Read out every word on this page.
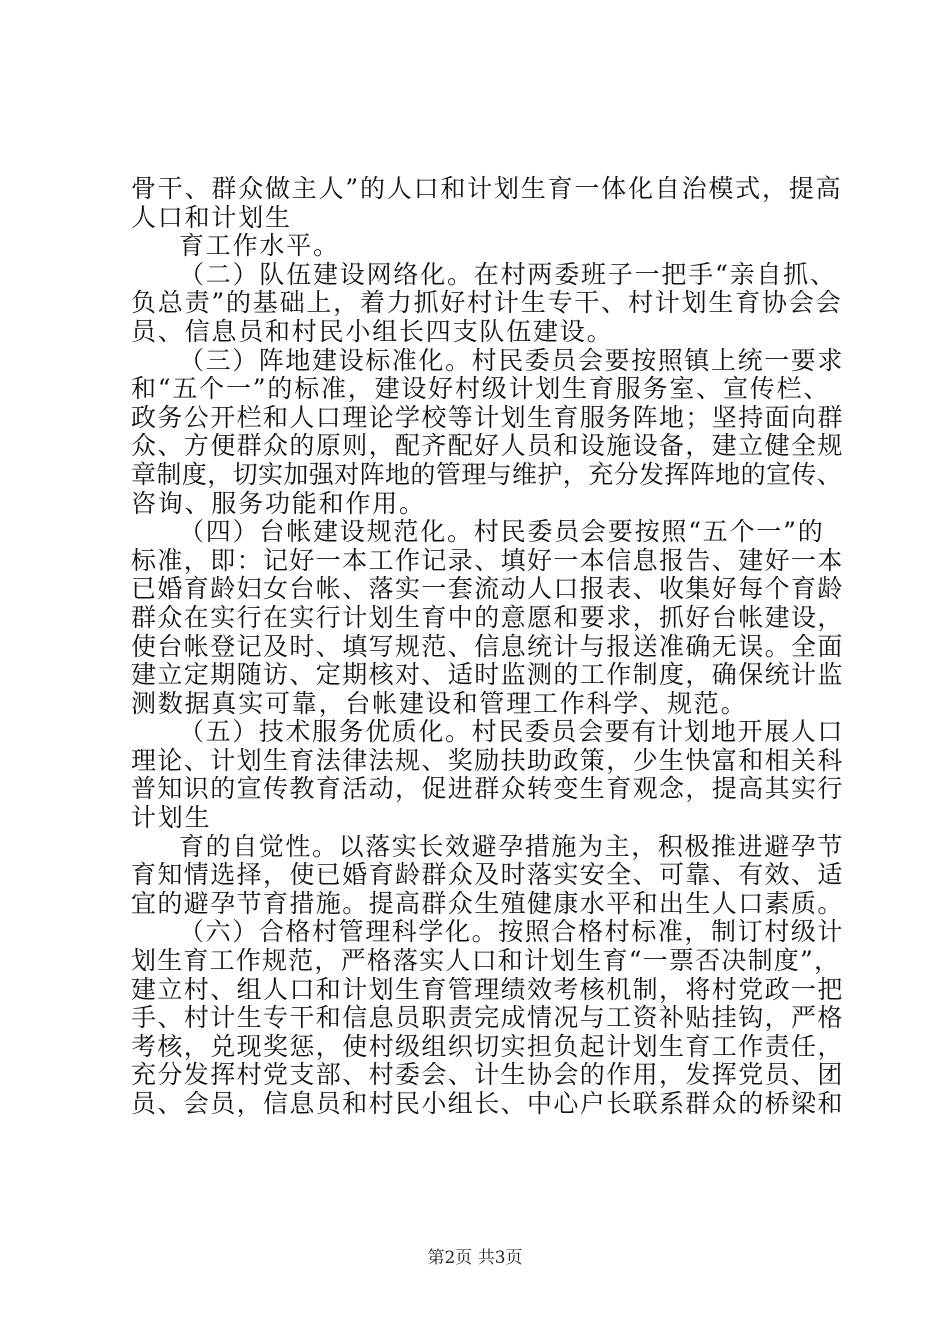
骨干、群众做主人”的人口和计划生育一体化自治模式，提高
人口和计划生
育工作水平。
（二）队伍建设网络化。在村两委班子一把手“亲自抓、
负总责”的基础上，着力抓好村计生专干、村计划生育协会会
员、信息员和村民小组长四支队伍建设。
（三）阵地建设标准化。村民委员会要按照镇上统一要求
和“五个一”的标准，建设好村级计划生育服务室、宣传栏、
政务公开栏和人口理论学校等计划生育服务阵地；坚持面向群
众、方便群众的原则，配齐配好人员和设施设备，建立健全规
章制度，切实加强对阵地的管理与维护，充分发挥阵地的宣传、
咨询、服务功能和作用。
（四）台帐建设规范化。村民委员会要按照“五个一”的
标准，即：记好一本工作记录、填好一本信息报告、建好一本
已婚育龄妇女台帐、落实一套流动人口报表、收集好每个育龄
群众在实行在实行计划生育中的意愿和要求，抓好台帐建设，
使台帐登记及时、填写规范、信息统计与报送准确无误。全面
建立定期随访、定期核对、适时监测的工作制度，确保统计监
测数据真实可靠，台帐建设和管理工作科学、规范。
（五）技术服务优质化。村民委员会要有计划地开展人口
理论、计划生育法律法规、奖励扶助政策，少生快富和相关科
普知识的宣传教育活动，促进群众转变生育观念，提高其实行
计划生
育的自觉性。以落实长效避孕措施为主，积极推进避孕节
育知情选择，使已婚育龄群众及时落实安全、可靠、有效、适
宜的避孕节育措施。提高群众生殖健康水平和出生人口素质。
（六）合格村管理科学化。按照合格村标准，制订村级计
划生育工作规范，严格落实人口和计划生育“一票否决制度”，
建立村、组人口和计划生育管理绩效考核机制，将村党政一把
手、村计生专干和信息员职责完成情况与工资补贴挂钩，严格
考核，兑现奖惩，使村级组织切实担负起计划生育工作责任，
充分发挥村党支部、村委会、计生协会的作用，发挥党员、团
员、会员，信息员和村民小组长、中心户长联系群众的桥梁和
第2页 共3页
